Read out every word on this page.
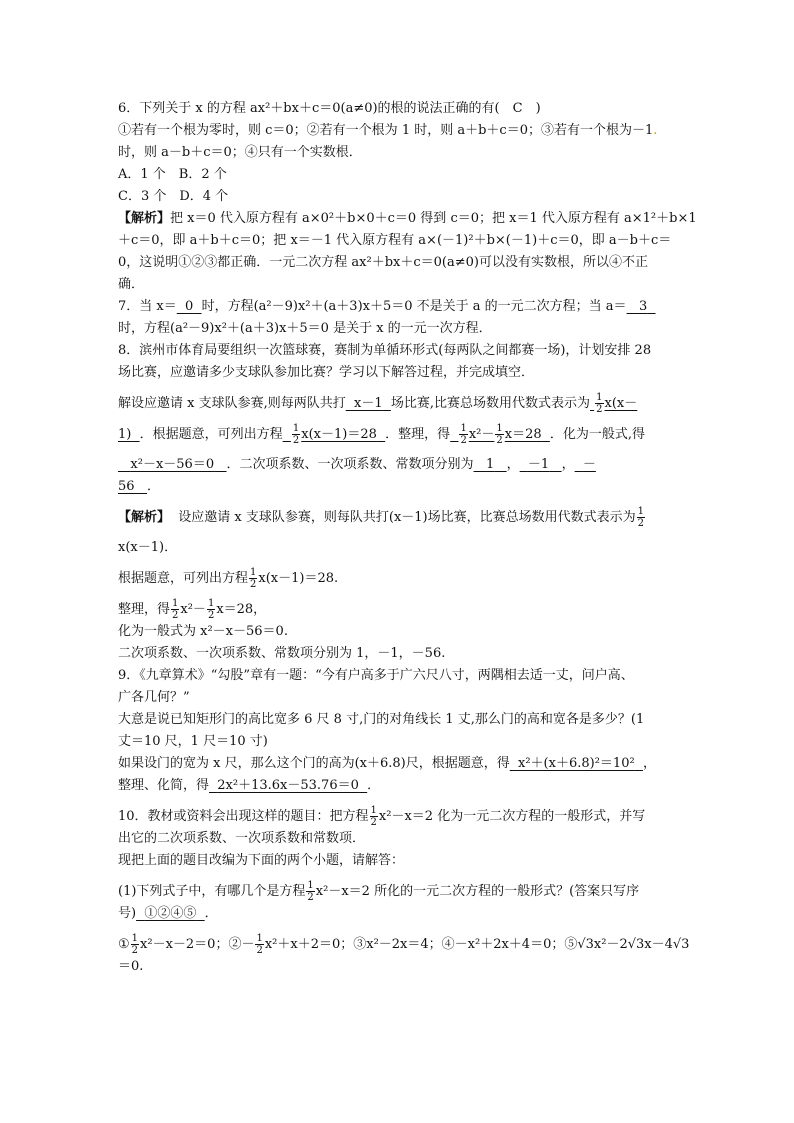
6．下列关于 x 的方程 ax²＋bx＋c＝0(a≠0)的根的说法正确的有(　C　)
①若有一个根为零时，则 c＝0；②若有一个根为 1 时，则 a＋b＋c＝0；③若有一个根为－1.
时，则 a－b＋c＝0；④只有一个实数根．
A．1 个　B．2 个
C．3 个　D．4 个
【解析】把 x＝0 代入原方程有 a×0²＋b×0＋c＝0 得到 c＝0；把 x＝1 代入原方程有 a×1²＋b×1
＋c＝0，即 a＋b＋c＝0；把 x＝－1 代入原方程有 a×(－1)²＋b×(－1)＋c＝0，即 a－b＋c＝
0，这说明①②③都正确．一元二次方程 ax²＋bx＋c＝0(a≠0)可以没有实数根，所以④不正
确．
7．当 x＝ 0 时，方程(a²－9)x²＋(a＋3)x＋5＝0 不是关于 a 的一元二次方程；当 a＝ 3
时，方程(a²－9)x²＋(a＋3)x＋5＝0 是关于 x 的一元一次方程．
8．滨州市体育局要组织一次篮球赛，赛制为单循环形式(每两队之间都赛一场)，计划安排 28
场比赛，应邀请多少支球队参加比赛？学习以下解答过程，并完成填空．
解设应邀请 x 支球队参赛,则每两队共打 x－1 场比赛,比赛总场数用代数式表示为 $\frac{1}{2} x(x-$
1) ．根据题意，可列出方程 $\frac{1}{2} x(x-1)=28$ ．整理，得 $\frac{1}{2} x^2- \frac{1}{2} x=28$ ．化为一般式,得
x²－x－56＝0 ．二次项系数、一次项系数、常数项分别为 1 ， －1 ， －
56 ．
【解析】 设应邀请 x 支球队参赛，则每队共打(x－1)场比赛，比赛总场数用代数式表示为 $\frac{1}{2}$
x(x－1)．
根据题意，可列出方程 $\frac{1}{2} x(x-1)=28$.
整理，得 $\frac{1}{2} x^2- \frac{1}{2} x=28$，
化为一般式为 x²－x－56＝0.
二次项系数、一次项系数、常数项分别为 1，－1，－56.
9．《九章算术》“勾股”章有一题：“今有户高多于广六尺八寸，两隅相去适一丈，问户高、
广各几何？”
大意是说已知矩形门的高比宽多 6 尺 8 寸,门的对角线长 1 丈,那么门的高和宽各是多少？(1
丈＝10 尺，1 尺＝10 寸)
如果设门的宽为 x 尺，那么这个门的高为(x＋6.8)尺，根据题意，得 x²＋(x＋6.8)²＝10² ，
整理、化简，得 2x²＋13.6x－53.76＝0 ．
10．教材或资料会出现这样的题目：把方程 $\frac{1}{2} x^2-x=2$ 化为一元二次方程的一般形式，并写
出它的二次项系数、一次项系数和常数项．
现把上面的题目改编为下面的两个小题，请解答：
(1)下列式子中，有哪几个是方程 $\frac{1}{2} x^2-x=2$ 所化的一元二次方程的一般形式？(答案只写序
号) ①②④⑤ ．
① $\frac{1}{2} x^2-x-2=0$；②－ $\frac{1}{2} x^2+x+2=0$；③x²－2x＝4；④－x²＋2x＋4＝0；⑤√3x²－2√3x－4√3
＝0.
